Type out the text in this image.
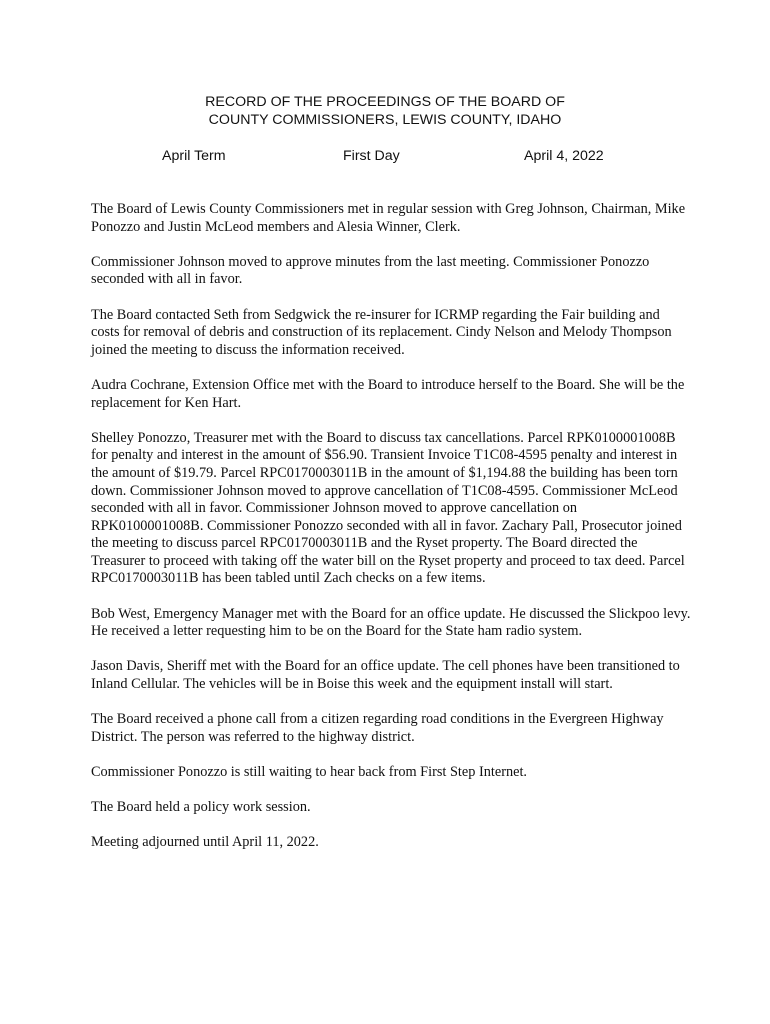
RECORD OF THE PROCEEDINGS OF THE BOARD OF
COUNTY COMMISSIONERS, LEWIS COUNTY, IDAHO
April Term	First Day	April 4, 2022

The Board of Lewis County Commissioners met in regular session with Greg Johnson, Chairman, Mike Ponozzo and Justin McLeod members and Alesia Winner, Clerk.

Commissioner Johnson moved to approve minutes from the last meeting. Commissioner Ponozzo seconded with all in favor.

The Board contacted Seth from Sedgwick the re-insurer for ICRMP regarding the Fair building and costs for removal of debris and construction of its replacement. Cindy Nelson and Melody Thompson joined the meeting to discuss the information received.

Audra Cochrane, Extension Office met with the Board to introduce herself to the Board. She will be the replacement for Ken Hart.

Shelley Ponozzo, Treasurer met with the Board to discuss tax cancellations. Parcel RPK0100001008B for penalty and interest in the amount of $56.90. Transient Invoice T1C08-4595 penalty and interest in the amount of $19.79. Parcel RPC0170003011B in the amount of $1,194.88 the building has been torn down. Commissioner Johnson moved to approve cancellation of T1C08-4595. Commissioner McLeod seconded with all in favor. Commissioner Johnson moved to approve cancellation on RPK0100001008B. Commissioner Ponozzo seconded with all in favor. Zachary Pall, Prosecutor joined the meeting to discuss parcel RPC0170003011B and the Ryset property. The Board directed the Treasurer to proceed with taking off the water bill on the Ryset property and proceed to tax deed. Parcel RPC0170003011B has been tabled until Zach checks on a few items.

Bob West, Emergency Manager met with the Board for an office update. He discussed the Slickpoo levy. He received a letter requesting him to be on the Board for the State ham radio system.

Jason Davis, Sheriff met with the Board for an office update. The cell phones have been transitioned to Inland Cellular. The vehicles will be in Boise this week and the equipment install will start.

The Board received a phone call from a citizen regarding road conditions in the Evergreen Highway District. The person was referred to the highway district.

Commissioner Ponozzo is still waiting to hear back from First Step Internet.

The Board held a policy work session.

Meeting adjourned until April 11, 2022.
